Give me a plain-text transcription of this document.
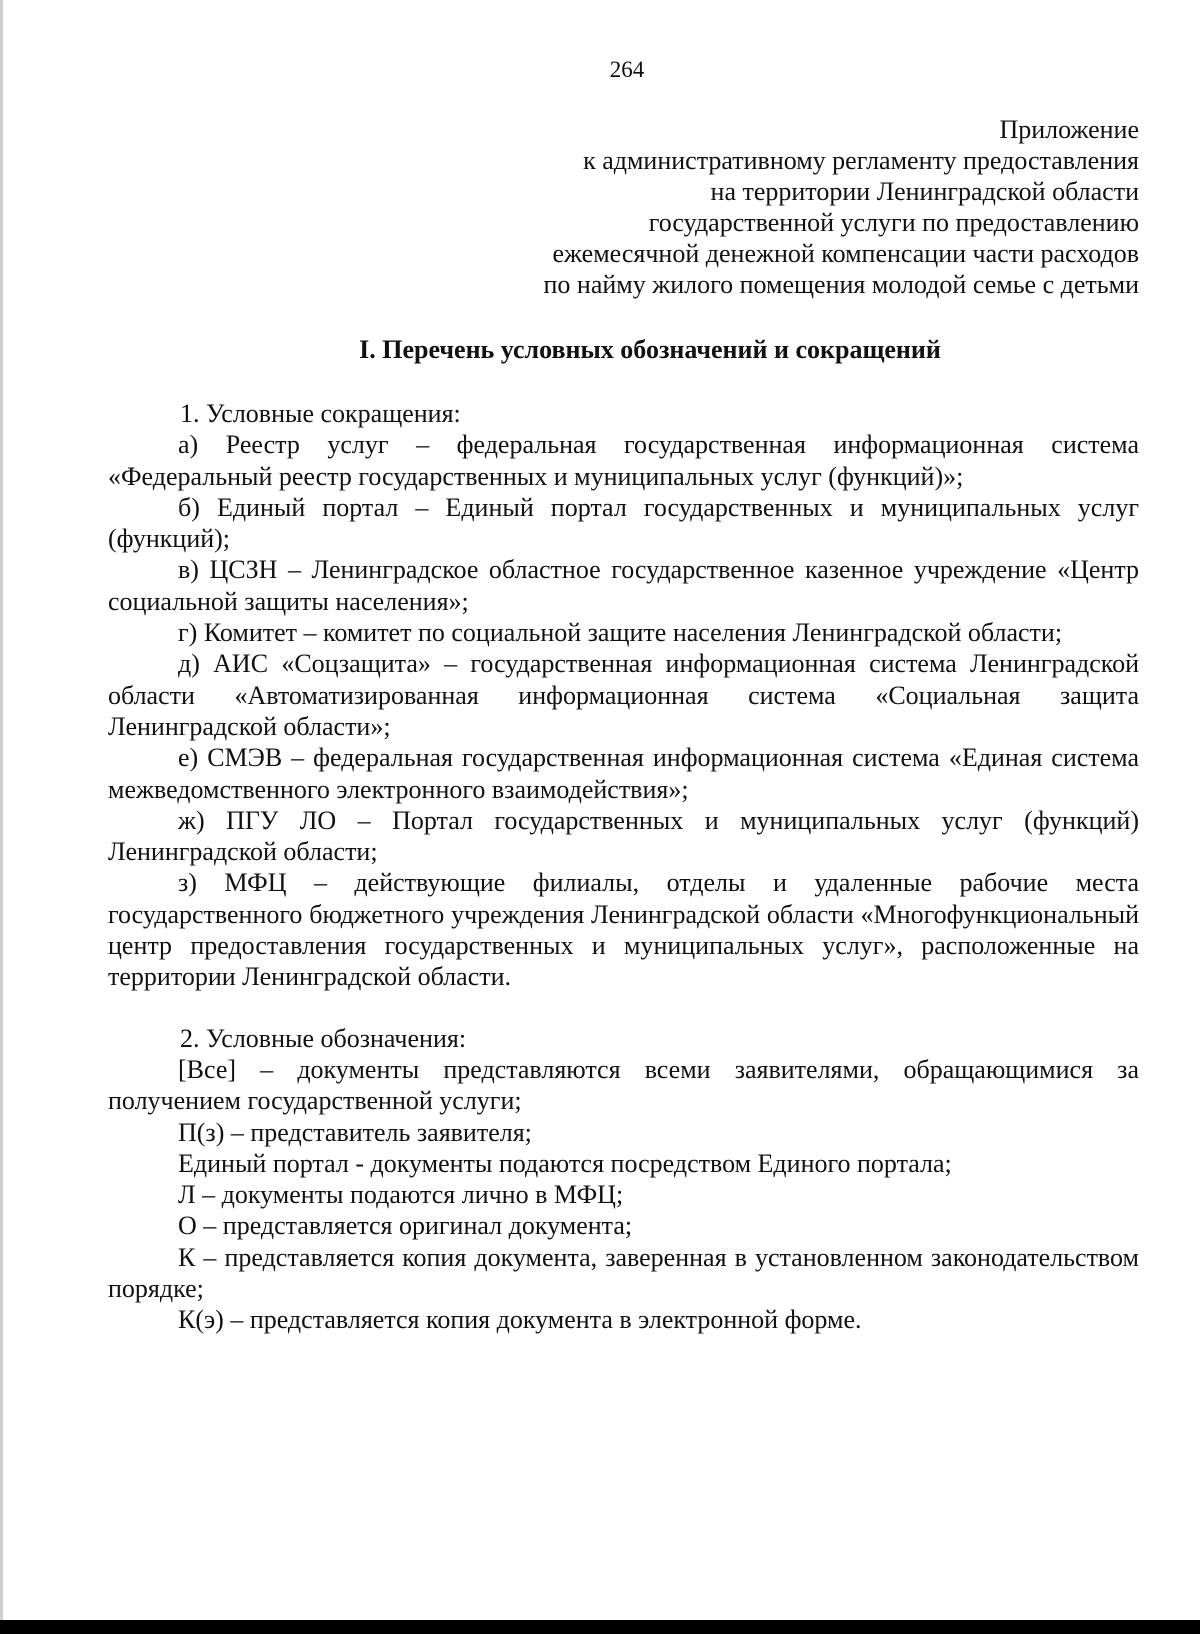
264
Приложение
к административному регламенту предоставления
на территории Ленинградской области
государственной услуги по предоставлению
ежемесячной денежной компенсации части расходов
по найму жилого помещения молодой семье с детьми
I. Перечень условных обозначений и сокращений
1. Условные сокращения:

а) Реестр услуг – федеральная государственная информационная система «Федеральный реестр государственных и муниципальных услуг (функций)»;

б) Единый портал – Единый портал государственных и муниципальных услуг (функций);

в) ЦСЗН – Ленинградское областное государственное казенное учреждение «Центр социальной защиты населения»;

г) Комитет – комитет по социальной защите населения Ленинградской области;

д) АИС «Соцзащита» – государственная информационная система Ленинградской области «Автоматизированная информационная система «Социальная защита Ленинградской области»;

е) СМЭВ – федеральная государственная информационная система «Единая система межведомственного электронного взаимодействия»;

ж) ПГУ ЛО – Портал государственных и муниципальных услуг (функций) Ленинградской области;

з) МФЦ – действующие филиалы, отделы и удаленные рабочие места государственного бюджетного учреждения Ленинградской области «Многофункциональный центр предоставления государственных и муниципальных услуг», расположенные на территории Ленинградской области.

2. Условные обозначения:

[Все] – документы представляются всеми заявителями, обращающимися за получением государственной услуги;

П(з) – представитель заявителя;

Единый портал - документы подаются посредством Единого портала;

Л – документы подаются лично в МФЦ;

О – представляется оригинал документа;

К – представляется копия документа, заверенная в установленном законодательством порядке;

К(э) – представляется копия документа в электронной форме.
